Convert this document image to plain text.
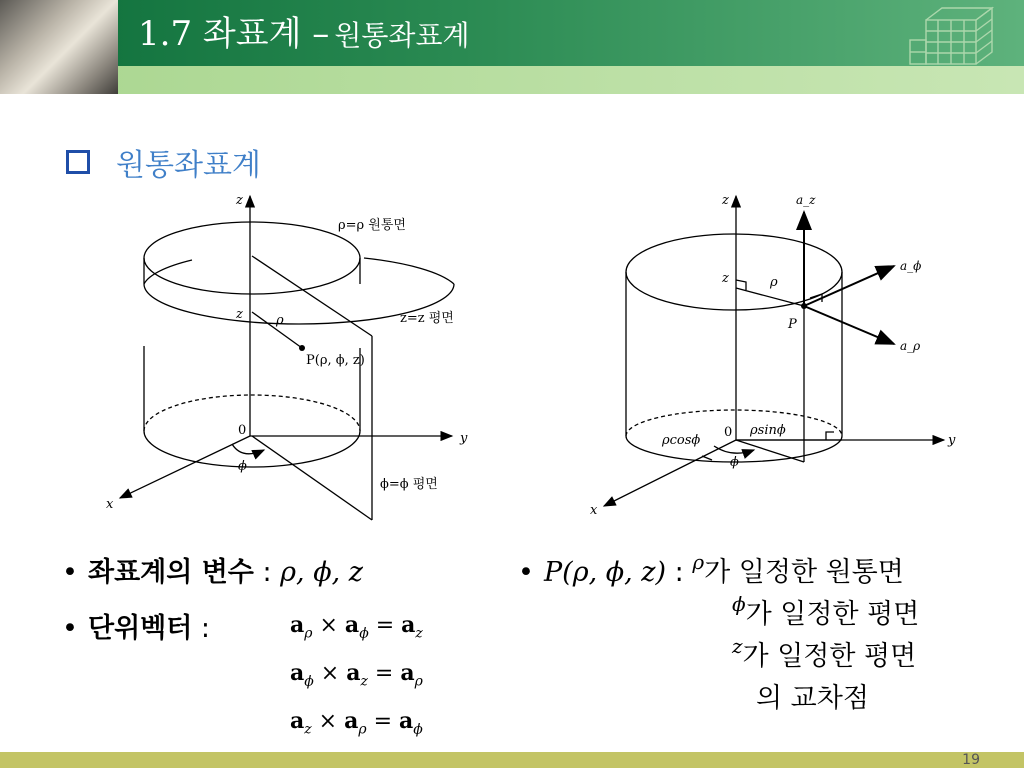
1.7 좌표계 – 원통좌표계
원통좌표계
z
ρ=ρ 원통면
z	ρ	z=z 평면
P(ρ, ϕ, z)
0
y
ϕ
ϕ=ϕ 평면
x
z	a_z
a_ϕ
a_ρ
z	ρ
P
0 ρsinϕ
ρcosϕ
ϕ
y
x
• 좌표계의 변수 : ρ, ϕ, z
• 단위벡터 :	$a_\rho \times a_\phi = a_z$
$a_\phi \times a_z = a_\rho$
$a_z \times a_\rho = a_\phi$
• P(ρ, ϕ, z) : $^\rho$가 일정한 원통면
$^\phi$가 일정한 평면
$^z$가 일정한 평면
의 교차점
19
